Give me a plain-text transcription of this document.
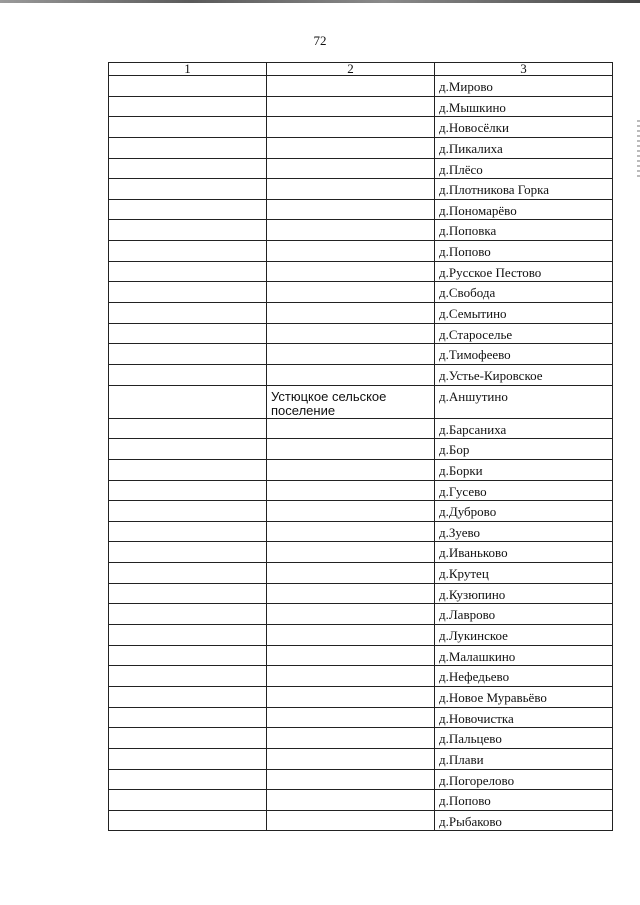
72
1	2	3
		д.Мирово
		д.Мышкино
		д.Новосёлки
		д.Пикалиха
		д.Плёсо
		д.Плотникова Горка
		д.Пономарёво
		д.Поповка
		д.Попово
		д.Русское Пестово
		д.Свобода
		д.Семытино
		д.Староселье
		д.Тимофеево
		д.Устье-Кировское
	Устюцкое сельское поселение	д.Аншутино
		д.Барсаниха
		д.Бор
		д.Борки
		д.Гусево
		д.Дуброво
		д.Зуево
		д.Иваньково
		д.Крутец
		д.Кузюпино
		д.Лаврово
		д.Лукинское
		д.Малашкино
		д.Нефедьево
		д.Новое Муравьёво
		д.Новочистка
		д.Пальцево
		д.Плави
		д.Погорелово
		д.Попово
		д.Рыбаково
